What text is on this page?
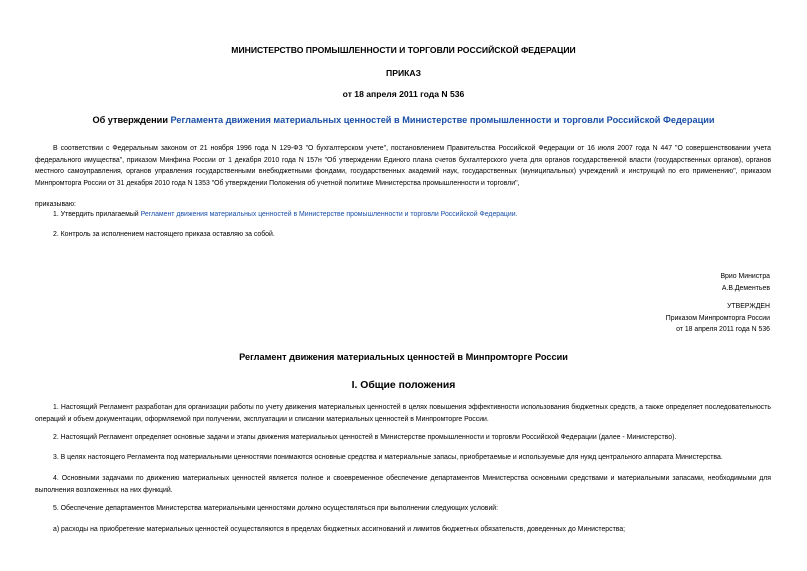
МИНИСТЕРСТВО ПРОМЫШЛЕННОСТИ И ТОРГОВЛИ РОССИЙСКОЙ ФЕДЕРАЦИИ
ПРИКАЗ
от 18 апреля 2011 года N 536
Об утверждении Регламента движения материальных ценностей в Министерстве промышленности и торговли Российской Федерации
В соответствии с Федеральным законом от 21 ноября 1996 года N 129-ФЗ "О бухгалтерском учете", постановлением Правительства Российской Федерации от 16 июля 2007 года N 447 "О совершенствовании учета федерального имущества", приказом Минфина России от 1 декабря 2010 года N 157н "Об утверждении Единого плана счетов бухгалтерского учета для органов государственной власти (государственных органов), органов местного самоуправления, органов управления государственными внебюджетными фондами, государственных академий наук, государственных (муниципальных) учреждений и инструкций по его применению", приказом Минпромторга России от 31 декабря 2010 года N 1353 "Об утверждении Положения об учетной политике Министерства промышленности и торговли",
приказываю:
1. Утвердить прилагаемый Регламент движения материальных ценностей в Министерстве промышленности и торговли Российской Федерации.
2. Контроль за исполнением настоящего приказа оставляю за собой.
Врио Министра
А.В.Дементьев
УТВЕРЖДЕН
Приказом Минпромторга России
от 18 апреля 2011 года N 536
Регламент движения материальных ценностей в Минпромторге России
I. Общие положения
1. Настоящий Регламент разработан для организации работы по учету движения материальных ценностей в целях повышения эффективности использования бюджетных средств, а также определяет последовательность операций и объем документации, оформляемой при получении, эксплуатации и списании материальных ценностей в Минпромторге России.
2. Настоящий Регламент определяет основные задачи и этапы движения материальных ценностей в Министерстве промышленности и торговли Российской Федерации (далее - Министерство).
3. В целях настоящего Регламента под материальными ценностями понимаются основные средства и материальные запасы, приобретаемые и используемые для нужд центрального аппарата Министерства.
4. Основными задачами по движению материальных ценностей является полное и своевременное обеспечение департаментов Министерства основными средствами и материальными запасами, необходимыми для выполнения возложенных на них функций.
5. Обеспечение департаментов Министерства материальными ценностями должно осуществляться при выполнении следующих условий:
а) расходы на приобретение материальных ценностей осуществляются в пределах бюджетных ассигнований и лимитов бюджетных обязательств, доведенных до Министерства;
